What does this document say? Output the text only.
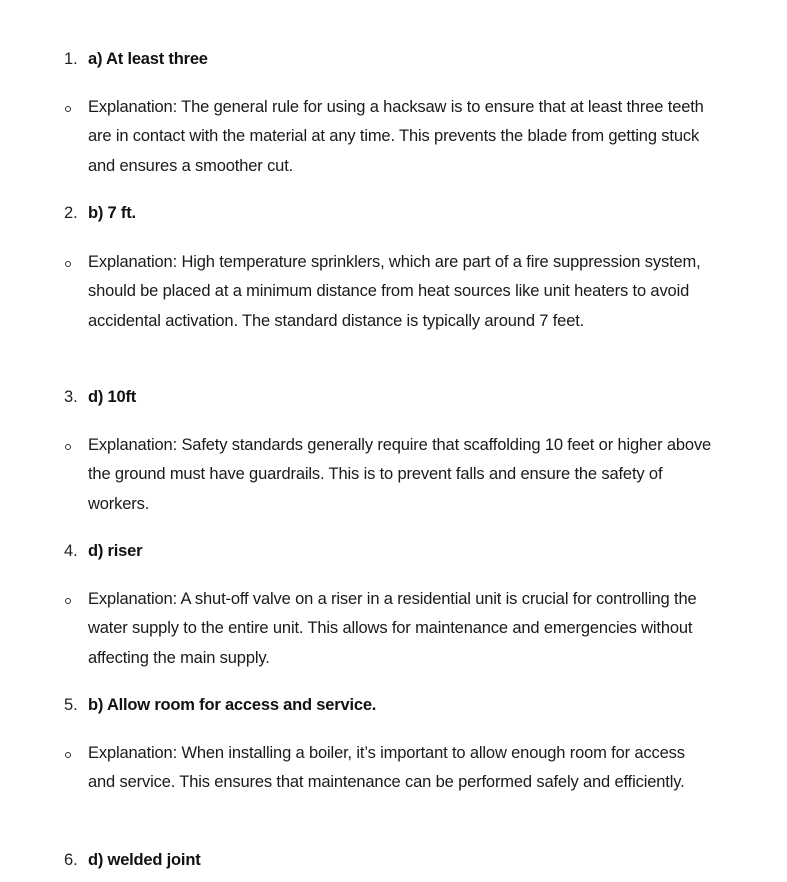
1. a) At least three
Explanation: The general rule for using a hacksaw is to ensure that at least three teeth are in contact with the material at any time. This prevents the blade from getting stuck and ensures a smoother cut.
2. b) 7 ft.
Explanation: High temperature sprinklers, which are part of a fire suppression system, should be placed at a minimum distance from heat sources like unit heaters to avoid accidental activation. The standard distance is typically around 7 feet.
3. d) 10ft
Explanation: Safety standards generally require that scaffolding 10 feet or higher above the ground must have guardrails. This is to prevent falls and ensure the safety of workers.
4. d) riser
Explanation: A shut-off valve on a riser in a residential unit is crucial for controlling the water supply to the entire unit. This allows for maintenance and emergencies without affecting the main supply.
5. b) Allow room for access and service.
Explanation: When installing a boiler, it’s important to allow enough room for access and service. This ensures that maintenance can be performed safely and efficiently.
6. d) welded joint
